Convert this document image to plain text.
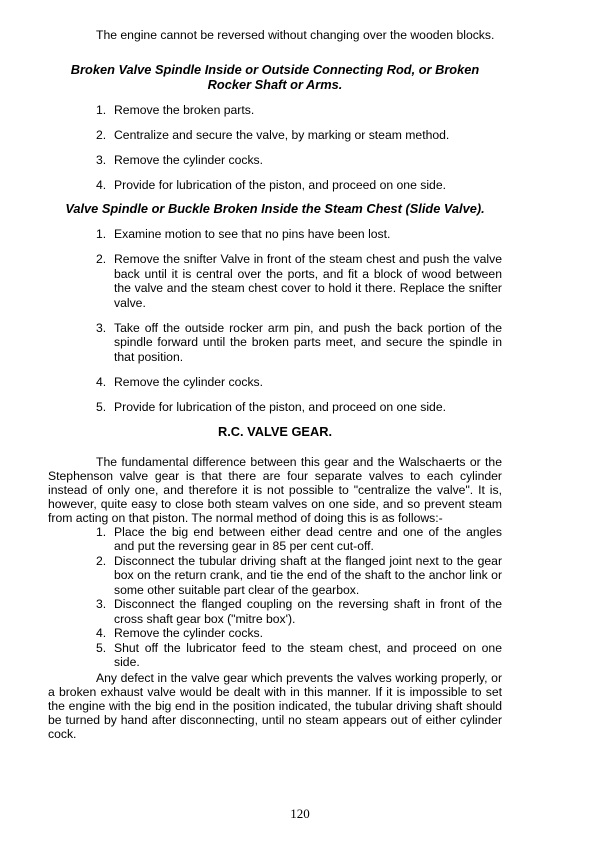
The engine cannot be reversed without changing over the wooden blocks.

Broken Valve Spindle Inside or Outside Connecting Rod, or Broken Rocker Shaft or Arms.
1. Remove the broken parts.
2. Centralize and secure the valve, by marking or steam method.
3. Remove the cylinder cocks.
4. Provide for lubrication of the piston, and proceed on one side.
Valve Spindle or Buckle Broken Inside the Steam Chest (Slide Valve).
1. Examine motion to see that no pins have been lost.
2. Remove the snifter Valve in front of the steam chest and push the valve back until it is central over the ports, and fit a block of wood between the valve and the steam chest cover to hold it there. Replace the snifter valve.
3. Take off the outside rocker arm pin, and push the back portion of the spindle forward until the broken parts meet, and secure the spindle in that position.
4. Remove the cylinder cocks.
5. Provide for lubrication of the piston, and proceed on one side.
R.C. VALVE GEAR.

The fundamental difference between this gear and the Walschaerts or the Stephenson valve gear is that there are four separate valves to each cylinder instead of only one, and therefore it is not possible to "centralize the valve". It is, however, quite easy to close both steam valves on one side, and so prevent steam from acting on that piston. The normal method of doing this is as follows:-

1. Place the big end between either dead centre and one of the angles and put the reversing gear in 85 per cent cut-off.
2. Disconnect the tubular driving shaft at the flanged joint next to the gear box on the return crank, and tie the end of the shaft to the anchor link or some other suitable part clear of the gearbox.
3. Disconnect the flanged coupling on the reversing shaft in front of the cross shaft gear box ("mitre box').
4. Remove the cylinder cocks.
5. Shut off the lubricator feed to the steam chest, and proceed on one side.

Any defect in the valve gear which prevents the valves working properly, or a broken exhaust valve would be dealt with in this manner. If it is impossible to set the engine with the big end in the position indicated, the tubular driving shaft should be turned by hand after disconnecting, until no steam appears out of either cylinder cock.

120
